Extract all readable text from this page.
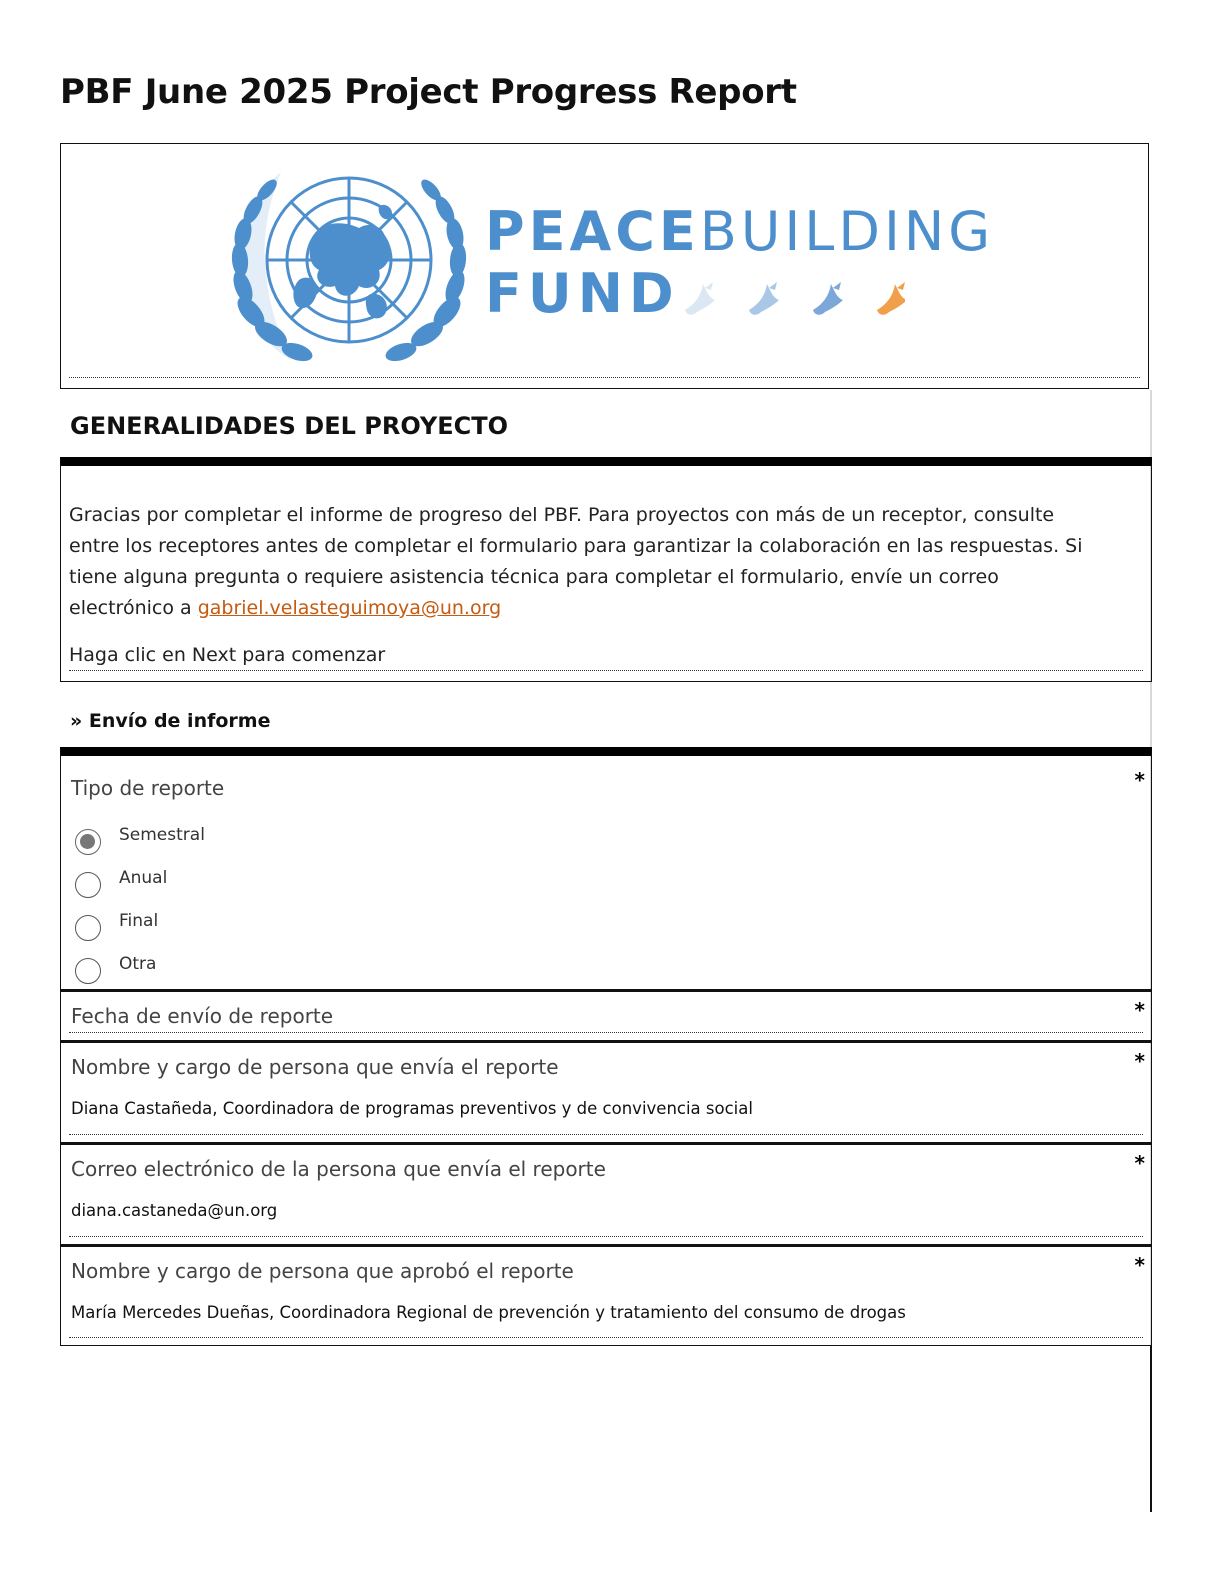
PBF June 2025 Project Progress Report
PEACEBUILDING
FUND
GENERALIDADES DEL PROYECTO

Gracias por completar el informe de progreso del PBF. Para proyectos con más de un receptor, consulte entre los receptores antes de completar el formulario para garantizar la colaboración en las respuestas. Si tiene alguna pregunta o requiere asistencia técnica para completar el formulario, envíe un correo electrónico a gabriel.velasteguimoya@un.org

Haga clic en Next para comenzar

» Envío de informe

Tipo de reporte	*
Semestral
Anual
Final
Otra

Fecha de envío de reporte	*

Nombre y cargo de persona que envía el reporte	*
Diana Castañeda, Coordinadora de programas preventivos y de convivencia social

Correo electrónico de la persona que envía el reporte	*
diana.castaneda@un.org

Nombre y cargo de persona que aprobó el reporte	*
María Mercedes Dueñas, Coordinadora Regional de prevención y tratamiento del consumo de drogas
